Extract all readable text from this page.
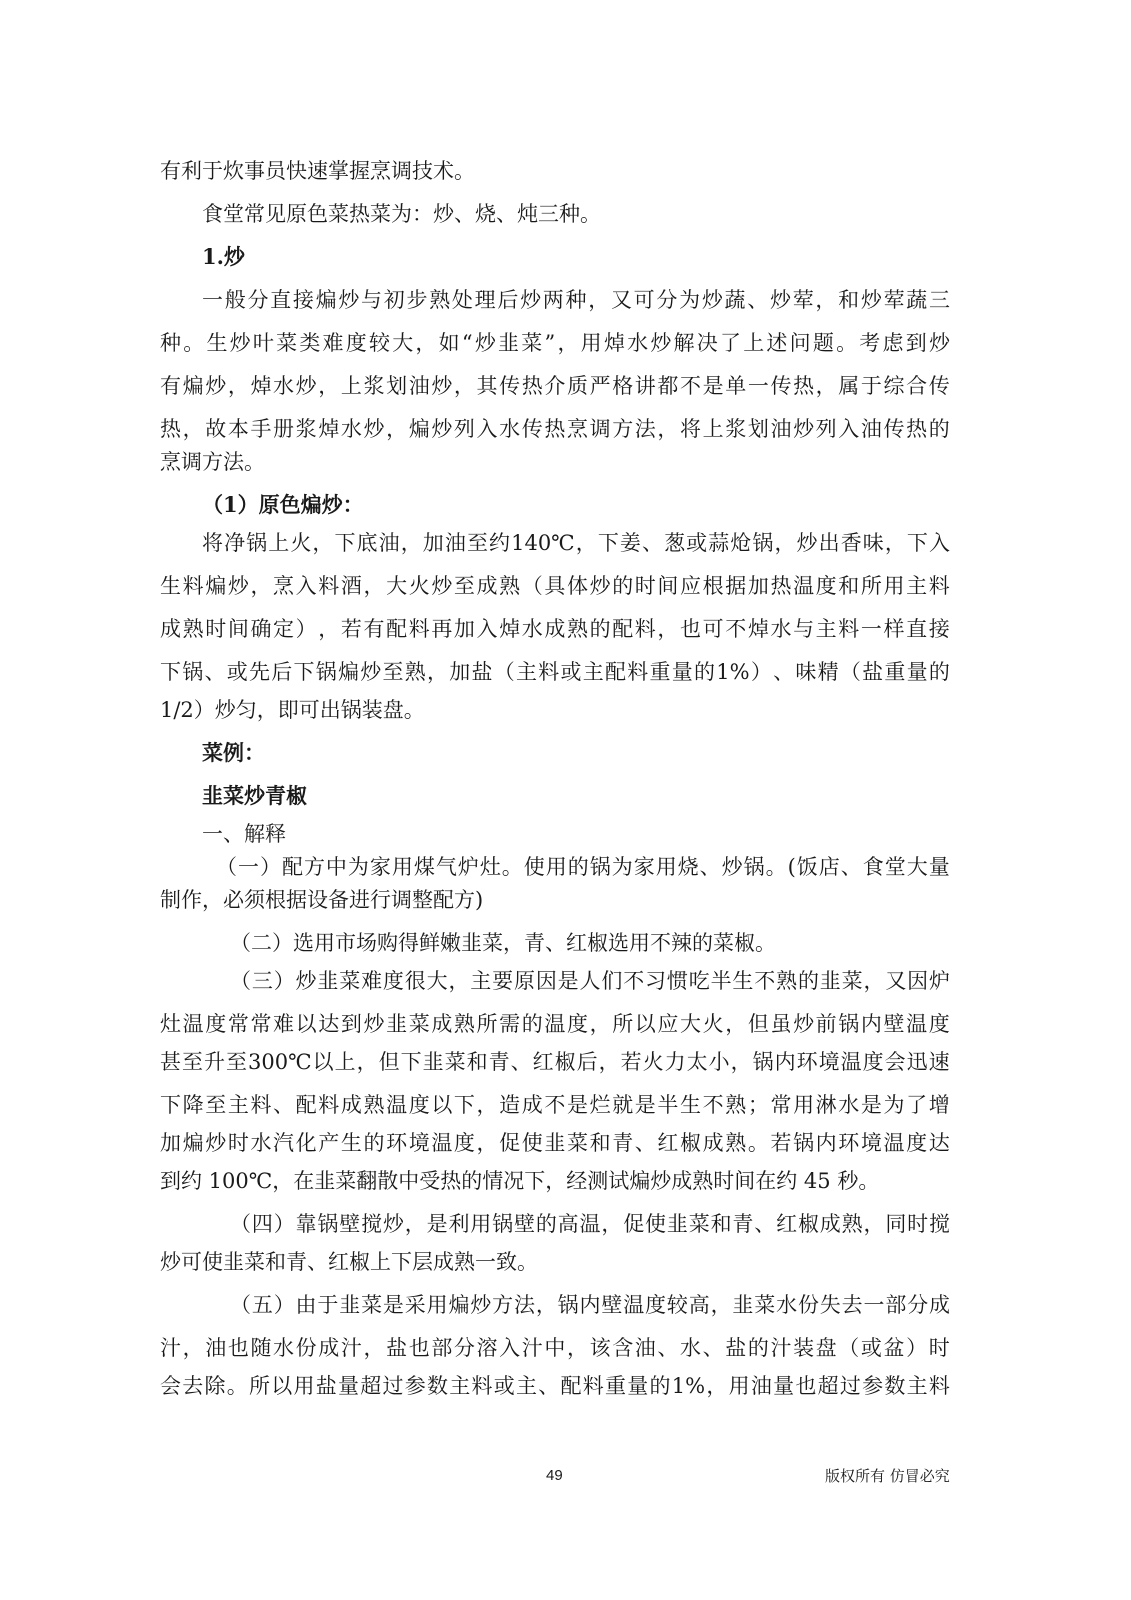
有利于炊事员快速掌握烹调技术。

食堂常见原色菜热菜为：炒、烧、炖三种。

1.炒

一 般 分 直 接 煸 炒 与 初 步 熟 处 理 后 炒 两 种 ， 又 可 分 为 炒 蔬 、 炒 荤 ， 和 炒 荤 蔬 三

种 。 生 炒 叶 菜 类 难 度 较 大 ， 如 “ 炒 韭 菜 ” ， 用 焯 水 炒 解 决 了 上 述 问 题 。 考 虑 到 炒

有 煸 炒 ， 焯 水 炒 ， 上 浆 划 油 炒 ， 其 传 热 介 质 严 格 讲 都 不 是 单 一 传 热 ， 属 于 综 合 传

热 ， 故 本 手 册 浆 焯 水 炒 ， 煸 炒 列 入 水 传 热 烹 调 方 法 ， 将 上 浆 划 油 炒 列 入 油 传 热 的

烹调方法。

（1）原色煸炒：

将 净 锅 上 火 ， 下 底 油 ， 加 油 至 约 140℃ ， 下 姜 、 葱 或 蒜 炝 锅 ， 炒 出 香 味 ， 下 入

生 料 煸 炒 ， 烹 入 料 酒 ， 大 火 炒 至 成 熟 （ 具 体 炒 的 时 间 应 根 据 加 热 温 度 和 所 用 主 料

成 熟 时 间 确 定 ） ， 若 有 配 料 再 加 入 焯 水 成 熟 的 配 料 ， 也 可 不 焯 水 与 主 料 一 样 直 接

下 锅 、 或 先 后 下 锅 煸 炒 至 熟 ， 加 盐 （ 主 料 或 主 配 料 重 量 的 1% ） 、 味 精 （ 盐 重 量 的

1/2）炒匀，即可出锅装盘。

菜例：

韭菜炒青椒

一、解释

（ 一 ） 配 方 中 为 家 用 煤 气 炉 灶 。 使 用 的 锅 为 家 用 烧 、 炒 锅 。 ( 饭 店 、 食 堂 大 量

制作，必须根据设备进行调整配方)

（二）选用市场购得鲜嫩韭菜，青、红椒选用不辣的菜椒。

（ 三 ） 炒 韭 菜 难 度 很 大 ， 主 要 原 因 是 人 们 不 习 惯 吃 半 生 不 熟 的 韭 菜 ， 又 因 炉

灶 温 度 常 常 难 以 达 到 炒 韭 菜 成 熟 所 需 的 温 度 ， 所 以 应 大 火 ， 但 虽 炒 前 锅 内 壁 温 度

甚 至 升 至 300℃ 以 上 ， 但 下 韭 菜 和 青 、 红 椒 后 ， 若 火 力 太 小 ， 锅 内 环 境 温 度 会 迅 速

下 降 至 主 料 、 配 料 成 熟 温 度 以 下 ， 造 成 不 是 烂 就 是 半 生 不 熟 ； 常 用 淋 水 是 为 了 增

加 煸 炒 时 水 汽 化 产 生 的 环 境 温 度 ， 促 使 韭 菜 和 青 、 红 椒 成 熟 。 若 锅 内 环 境 温 度 达

到约 100℃，在韭菜翻散中受热的情况下，经测试煸炒成熟时间在约 45 秒。

（ 四 ） 靠 锅 壁 搅 炒 ， 是 利 用 锅 壁 的 高 温 ， 促 使 韭 菜 和 青 、 红 椒 成 熟 ， 同 时 搅

炒可使韭菜和青、红椒上下层成熟一致。

（ 五 ） 由 于 韭 菜 是 采 用 煸 炒 方 法 ， 锅 内 壁 温 度 较 高 ， 韭 菜 水 份 失 去 一 部 分 成

汁 ， 油 也 随 水 份 成 汁 ， 盐 也 部 分 溶 入 汁 中 ， 该 含 油 、 水 、 盐 的 汁 装 盘 （ 或 盆 ） 时

会 去 除 。 所 以 用 盐 量 超 过 参 数 主 料 或 主 、 配 料 重 量 的 1% ， 用 油 量 也 超 过 参 数 主 料

49	版权所有 仿冒必究
